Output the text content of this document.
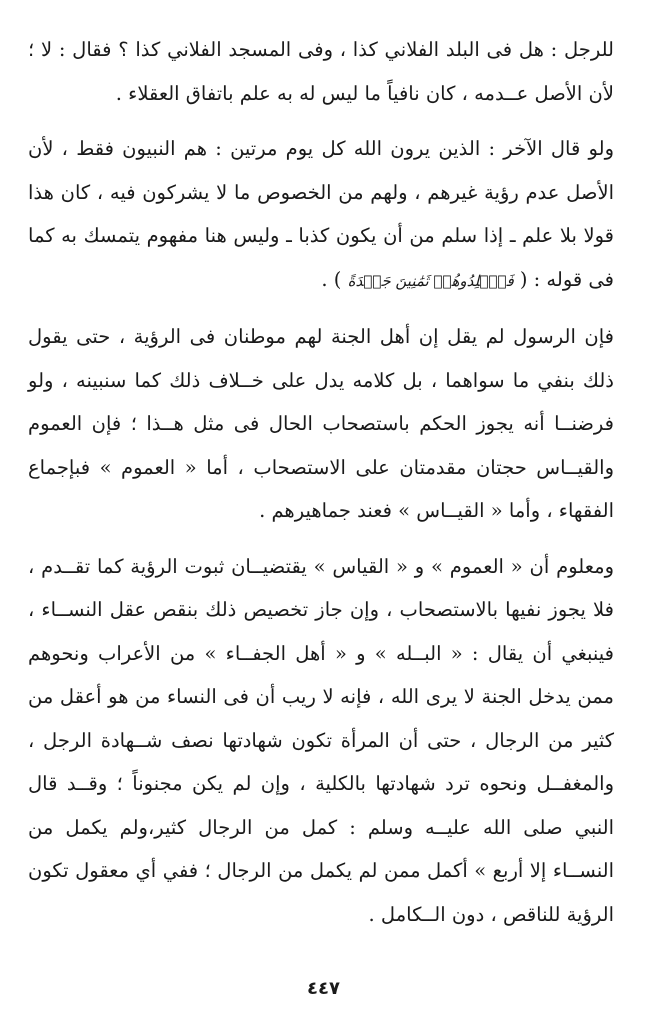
للرجل : هل فى البلد الفلاني كذا ، وفى المسجد الفلاني كذا ؟ فقال : لا ؛ لأن الأصل عــدمه ، كان نافياً ما ليس له به علم باتفاق العقلاء .

ولو قال الآخر : الذين يرون الله كل يوم مرتين : هم النبيون فقط ، لأن الأصل عدم رؤية غيرهم ، ولهم من الخصوص ما لا يشركون فيه ، كان هذا قولا بلا علم ـ إذا سلم من أن يكون كذبا ـ وليس هنا مفهوم يتمسك به كما فى قوله : ( فَٱجۡلِدُوهُمۡ ثَمَٰنِينَ جَلۡدَةً ) .

فإن الرسول لم يقل إن أهل الجنة لهم موطنان فى الرؤية ، حتى يقول ذلك بنفي ما سواهما ، بل كلامه يدل على خــلاف ذلك كما سنبينه ، ولو فرضنــا أنه يجوز الحكم باستصحاب الحال فى مثل هــذا ؛ فإن العموم والقيــاس حجتان مقدمتان على الاستصحاب ، أما « العموم » فبإجماع الفقهاء ، وأما « القيــاس » فعند جماهيرهم .

ومعلوم أن « العموم » و « القياس » يقتضيــان ثبوت الرؤية كما تقــدم ، فلا يجوز نفيها بالاستصحاب ، وإن جاز تخصيص ذلك بنقص عقل النســاء ، فينبغي أن يقال : « البــله » و « أهل الجفــاء » من الأعراب ونحوهم ممن يدخل الجنة لا يرى الله ، فإنه لا ريب أن فى النساء من هو أعقل من كثير من الرجال ، حتى أن المرأة تكون شهادتها نصف شــهادة الرجل ، والمغفــل ونحوه ترد شهادتها بالكلية ، وإن لم يكن مجنوناً ؛ وقــد قال النبي صلى الله عليــه وسلم : كمل من الرجال كثير،ولم يكمل من النســاء إلا أربع » أكمل ممن لم يكمل من الرجال ؛ ففي أي معقول تكون الرؤية للناقص ، دون الــكامل .

٤٤٧
